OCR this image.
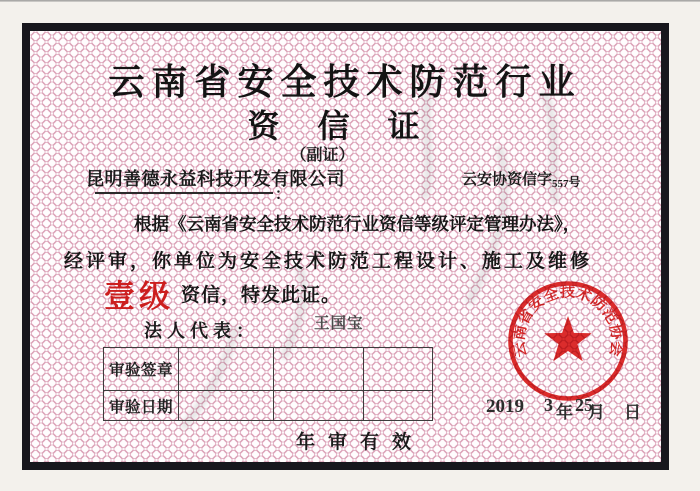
云南省安全技术防范行业
资信证
（副证）
昆明善德永益科技开发有限公司
：
云安协资信字557号
根据《云南省安全技术防范行业资信等级评定管理办法》，
经评审，你单位为安全技术防范工程设计、施工及维修
壹级 资信，特发此证。
法人代表：	王国宝
审验签章			
审验日期			
云南省安全技术防范协会
2019 3 年 25
月 日
年审有效
